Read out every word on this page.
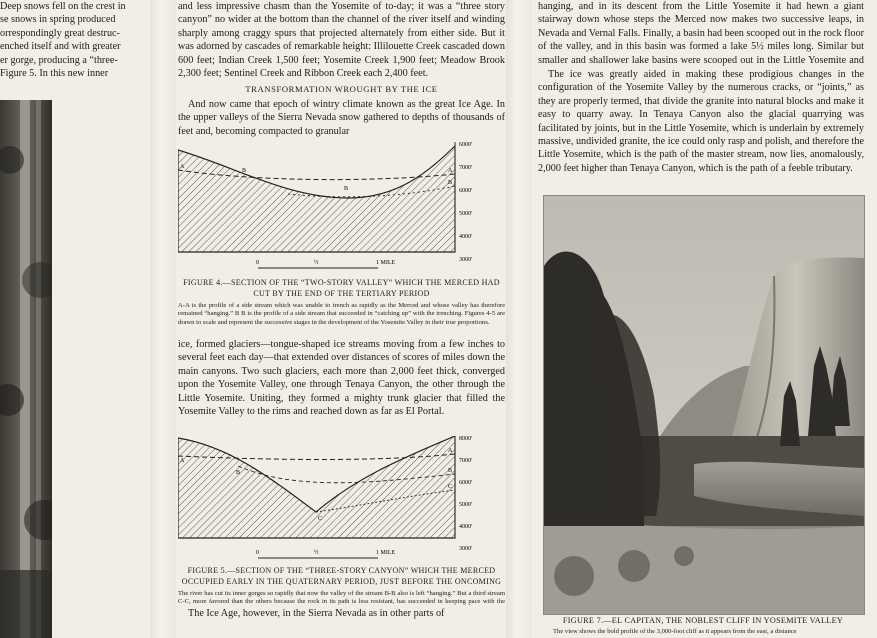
Deep snows fell on the crest in
se snows in spring produced
orrespondingly great destruc-
enched itself and with greater
er gorge, producing a “three-
Figure 5. In this new inner

and less impressive chasm than the Yosemite of to-day; it was a “three story canyon” no wider at the bottom than the channel of the river itself and winding sharply among craggy spurs that projected alternately from either side. But it was adorned by cascades of remarkable height: Illilouette Creek cascaded down 600 feet; Indian Creek 1,500 feet; Yosemite Creek 1,900 feet; Meadow Brook 2,300 feet; Sentinel Creek and Ribbon Creek each 2,400 feet.

TRANSFORMATION WROUGHT BY THE ICE

And now came that epoch of wintry climate known as the great Ice Age. In the upper valleys of the Sierra Nevada snow gathered to depths of thousands of feet and, becoming compacted to granular

A
B
B
A
B
6000'
7000'
6000'
5000'
4000'
3000'
0	½	1 MILE
FIGURE 4.—SECTION OF THE “TWO-STORY VALLEY” WHICH THE MERCED HAD CUT BY THE END OF THE TERTIARY PERIOD
A-A is the profile of a side stream which was unable to trench as rapidly as the Merced and whose valley has therefore remained “hanging.” B B is the profile of a side stream that succeeded in “catching up” with the trenching. Figures 4-5 are drawn to scale and represent the successive stages in the development of the Yosemite Valley in their true proportions.

ice, formed glaciers—tongue-shaped ice streams moving from a few inches to several feet each day—that extended over distances of scores of miles down the main canyons. Two such glaciers, each more than 2,000 feet thick, converged upon the Yosemite Valley, one through Tenaya Canyon, the other through the Little Yosemite. Uniting, they formed a mighty trunk glacier that filled the Yosemite Valley to the rims and reached down as far as El Portal.

A
B
C
A
B
C
8000'
7000'
6000'
5000'
4000'
3000'
0	½	1 MILE
FIGURE 5.—SECTION OF THE “THREE-STORY CANYON” WHICH THE MERCED OCCUPIED EARLY IN THE QUATERNARY PERIOD, JUST BEFORE THE ONCOMING
The river has cut its inner gorges so rapidly that now the valley of the stream B-B also is left “hanging.” But a third stream C-C, more favored than the others because the rock in its path is less resistant, has succeeded in keeping pace with the

The Ice Age, however, in the Sierra Nevada as in other parts of

hanging, and in its descent from the Little Yosemite it had hewn a giant stairway down whose steps the Merced now makes two successive leaps, in Nevada and Vernal Falls. Finally, a basin had been scooped out in the rock floor of the valley, and in this basin was formed a lake 5½ miles long. Similar but smaller and shallower lake basins were scooped out in the Little Yosemite and

The ice was greatly aided in making these prodigious changes in the configuration of the Yosemite Valley by the numerous cracks, or “joints,” as they are properly termed, that divide the granite into natural blocks and make it easy to quarry away. In Tenaya Canyon also the glacial quarrying was facilitated by joints, but in the Little Yosemite, which is underlain by extremely massive, undivided granite, the ice could only rasp and polish, and therefore the Little Yosemite, which is the path of the master stream, now lies, anomalously, 2,000 feet higher than Tenaya Canyon, which is the path of a feeble tributary.

FIGURE 7.—EL CAPITAN, THE NOBLEST CLIFF IN YOSEMITE VALLEY
The view shows the bold profile of the 3,000-foot cliff as it appears from the east, a distance
